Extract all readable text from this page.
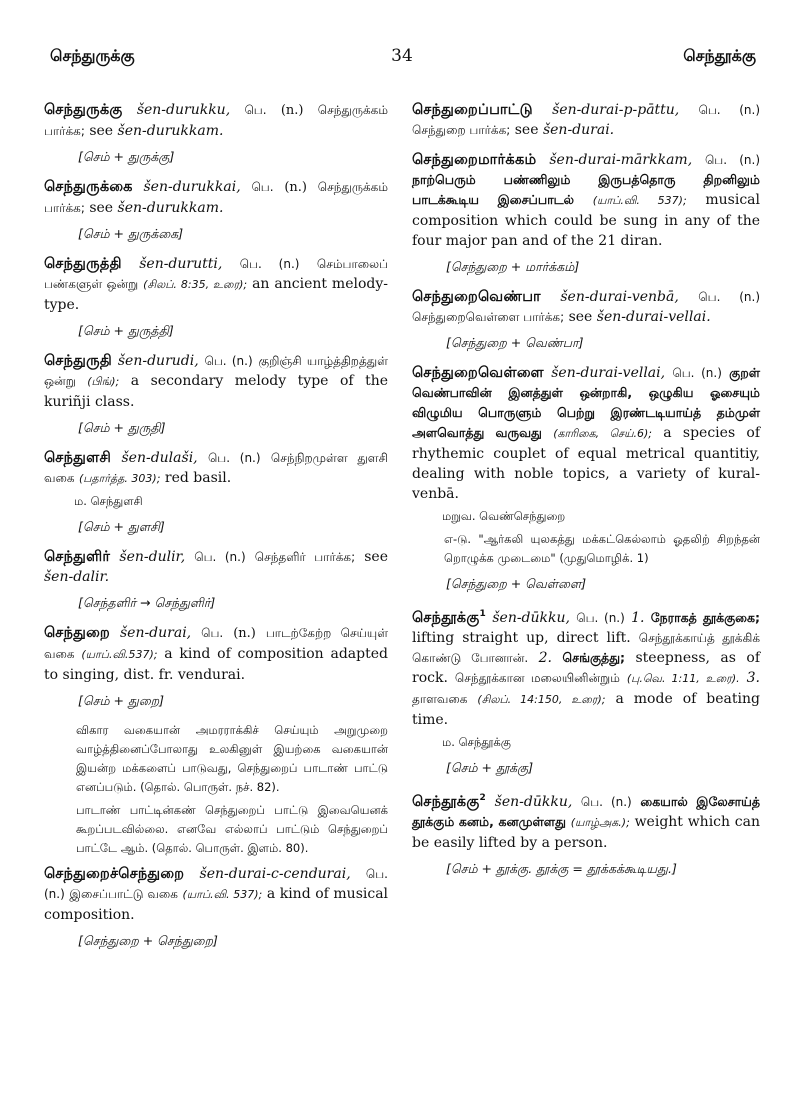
செந்துருக்கு	34	செந்தூக்கு
செந்துருக்கு šen-durukku, பெ. (n.) செந்துருக்கம் பார்க்க; see šen-durukkam.
[செம் + துருக்கு]
செந்துருக்கை šen-durukkai, பெ. (n.) செந்துருக்கம் பார்க்க; see šen-durukkam.
[செம் + துருக்கை]
செந்துருத்தி šen-durutti, பெ. (n.) செம்பாலைப் பண்களுள் ஒன்று (சிலப். 8:35, உரை); an ancient melody-type.
[செம் + துருத்தி]
செந்துருதி šen-durudi, பெ. (n.) குறிஞ்சி யாழ்த்திறத்துள் ஒன்று (பிங்); a secondary melody type of the kuriñji class.
[செம் + துருதி]
செந்துளசி šen-dulaši, பெ. (n.) செந்நிறமுள்ள துளசி வகை (பதார்த்த. 303); red basil.
ம. செந்துளசி
[செம் + துளசி]
செந்துளிர் šen-dulir, பெ. (n.) செந்தளிர் பார்க்க; see šen-dalir.
[செந்தளிர் → செந்துளிர்]
செந்துறை šen-durai, பெ. (n.) பாடற்கேற்ற செய்யுள் வகை (யாப்.வி.537); a kind of composition adapted to singing, dist. fr. vendurai.
[செம் + துறை]
விகார வகையான் அமரராக்கிச் செய்யும் அறுமுறை வாழ்த்தினைப்போலாது உலகினுள் இயற்கை வகையான் இயன்ற மக்களைப் பாடுவது, செந்துறைப் பாடாண் பாட்டு எனப்படும். (தொல். பொருள். நச். 82).
பாடாண் பாட்டின்கண் செந்துறைப் பாட்டு இவையெனக் கூறப்படவில்லை. எனவே எல்லாப் பாட்டும் செந்துறைப் பாட்டே ஆம். (தொல். பொருள். இளம். 80).
செந்துறைச்செந்துறை šen-durai-c-cendurai, பெ. (n.) இசைப்பாட்டு வகை (யாப்.வி. 537); a kind of musical composition.
[செந்துறை + செந்துறை]
செந்துறைப்பாட்டு šen-durai-p-pāttu, பெ. (n.) செந்துறை பார்க்க; see šen-durai.
செந்துறைமார்க்கம் šen-durai-mārkkam, பெ. (n.) நாற்பெரும் பண்ணிலும் இருபத்தொரு திறனிலும் பாடக்கூடிய இசைப்பாடல் (யாப்.வி. 537); musical composition which could be sung in any of the four major pan and of the 21 diran.
[செந்துறை + மார்க்கம்]
செந்துறைவெண்பா šen-durai-venbā, பெ. (n.) செந்துறைவெள்ளை பார்க்க; see šen-durai-vellai.
[செந்துறை + வெண்பா]
செந்துறைவெள்ளை šen-durai-vellai, பெ. (n.) குறள் வெண்பாவின் இனத்துள் ஒன்றாகி, ஒழுகிய ஓசையும் விழுமிய பொருளும் பெற்று இரண்டடியாய்த் தம்முள் அளவொத்து வருவது (காரிகை, செய்.6); a species of rhythemic couplet of equal metrical quantitiy, dealing with noble topics, a variety of kural-venbā.
மறுவ. வெண்செந்துறை
எ-டு. "ஆர்கலி யுலகத்து மக்கட்கெல்லாம் ஓதலிற் சிறந்தன் றொழுக்க முடைமை" (முதுமொழிக். 1)
[செந்துறை + வெள்ளை]
செந்தூக்கு$^1$ šen-dūkku, பெ. (n.) 1. நேராகத் தூக்குகை; lifting straight up, direct lift. செந்தூக்காய்த் தூக்கிக் கொண்டு போனான். 2. செங்குத்து; steepness, as of rock. செந்தூக்கான மலையினின்றும் (பு.வெ. 1:11, உரை). 3. தாளவகை (சிலப். 14:150, உரை); a mode of beating time.
ம. செந்தூக்கு
[செம் + தூக்கு]
செந்தூக்கு$^2$ šen-dūkku, பெ. (n.) கையால் இலேசாய்த் தூக்கும் கனம், கனமுள்ளது (யாழ்அக.); weight which can be easily lifted by a person.
[செம் + தூக்கு. தூக்கு = தூக்கக்கூடியது.]
